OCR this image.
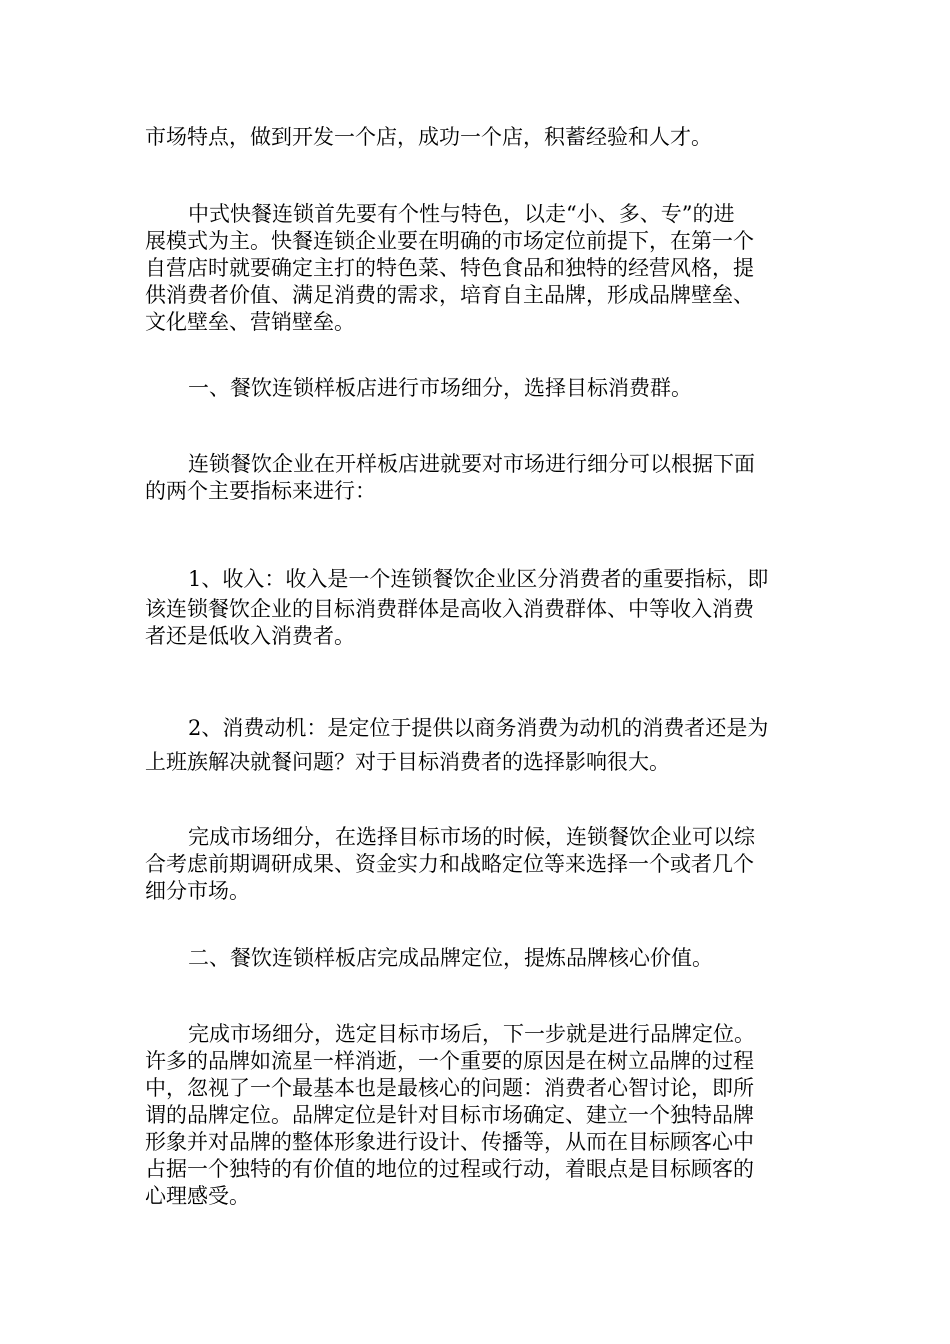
市场特点，做到开发一个店，成功一个店，积蓄经验和人才。
中式快餐连锁首先要有个性与特色，以走“小、多、专”的进
展模式为主。快餐连锁企业要在明确的市场定位前提下，在第一个
自营店时就要确定主打的特色菜、特色食品和独特的经营风格，提
供消费者价值、满足消费的需求，培育自主品牌，形成品牌壁垒、
文化壁垒、营销壁垒。
一、餐饮连锁样板店进行市场细分，选择目标消费群。
连锁餐饮企业在开样板店进就要对市场进行细分可以根据下面
的两个主要指标来进行：
1、收入：收入是一个连锁餐饮企业区分消费者的重要指标，即
该连锁餐饮企业的目标消费群体是高收入消费群体、中等收入消费
者还是低收入消费者。
2、消费动机：是定位于提供以商务消费为动机的消费者还是为
上班族解决就餐问题？对于目标消费者的选择影响很大。
完成市场细分，在选择目标市场的时候，连锁餐饮企业可以综
合考虑前期调研成果、资金实力和战略定位等来选择一个或者几个
细分市场。
二、餐饮连锁样板店完成品牌定位，提炼品牌核心价值。
完成市场细分，选定目标市场后，下一步就是进行品牌定位。
许多的品牌如流星一样消逝，一个重要的原因是在树立品牌的过程
中，忽视了一个最基本也是最核心的问题：消费者心智讨论，即所
谓的品牌定位。品牌定位是针对目标市场确定、建立一个独特品牌
形象并对品牌的整体形象进行设计、传播等，从而在目标顾客心中
占据一个独特的有价值的地位的过程或行动，着眼点是目标顾客的
心理感受。
